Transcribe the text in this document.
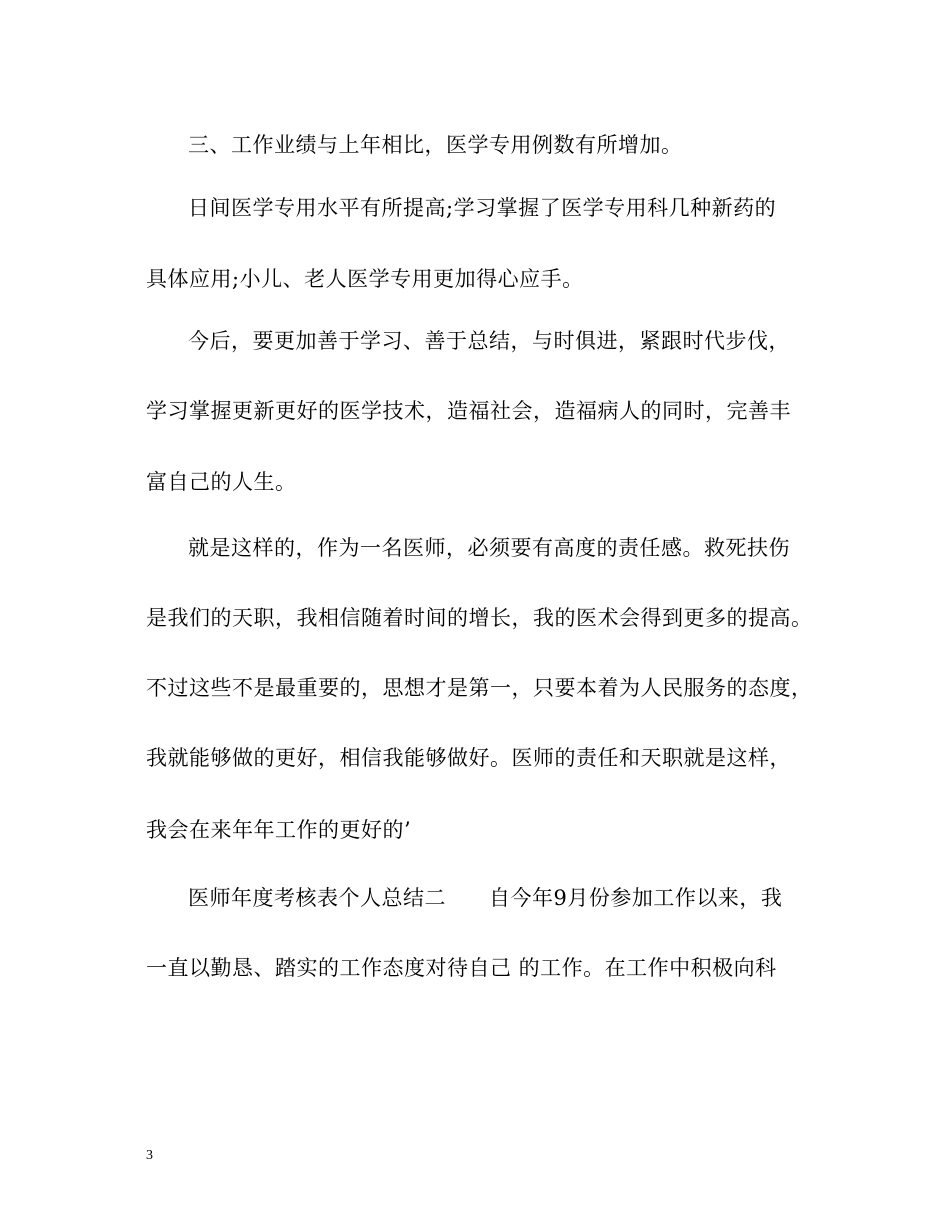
三、工作业绩与上年相比，医学专用例数有所增加。
日间医学专用水平有所提高;学习掌握了医学专用科几种新药的
具体应用;小儿、老人医学专用更加得心应手。
今后，要更加善于学习、善于总结，与时俱进，紧跟时代步伐，
学习掌握更新更好的医学技术，造福社会，造福病人的同时，完善丰
富自己的人生。
就是这样的，作为一名医师，必须要有高度的责任感。救死扶伤
是我们的天职，我相信随着时间的增长，我的医术会得到更多的提高。
不过这些不是最重要的，思想才是第一，只要本着为人民服务的态度，
我就能够做的更好，相信我能够做好。医师的责任和天职就是这样，
我会在来年年工作的更好的’
医师年度考核表个人总结二　　自今年9月份参加工作以来，我
一直以勤恳、踏实的工作态度对待自己 的工作。在工作中积极向科
3
